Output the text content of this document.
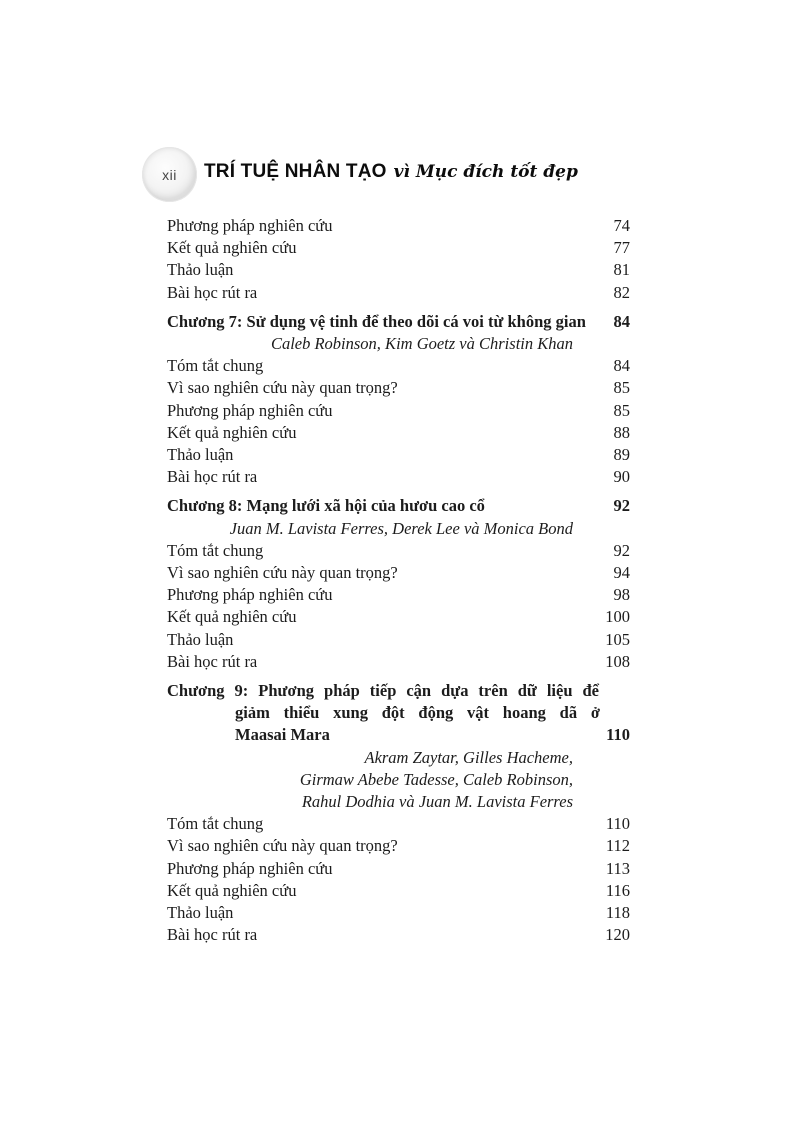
xii TRÍ TUỆ NHÂN TẠO vì Mục đích tốt đẹp
Phương pháp nghiên cứu	74
Kết quả nghiên cứu	77
Thảo luận	81
Bài học rút ra	82
Chương 7: Sử dụng vệ tinh để theo dõi cá voi từ không gian 84
Caleb Robinson, Kim Goetz và Christin Khan
Tóm tắt chung	84
Vì sao nghiên cứu này quan trọng?	85
Phương pháp nghiên cứu	85
Kết quả nghiên cứu	88
Thảo luận	89
Bài học rút ra	90
Chương 8: Mạng lưới xã hội của hươu cao cổ	92
Juan M. Lavista Ferres, Derek Lee và Monica Bond
Tóm tắt chung	92
Vì sao nghiên cứu này quan trọng?	94
Phương pháp nghiên cứu	98
Kết quả nghiên cứu	100
Thảo luận	105
Bài học rút ra	108
Chương 9: Phương pháp tiếp cận dựa trên dữ liệu để
giảm thiểu xung đột động vật hoang dã ở
Maasai Mara	110
Akram Zaytar, Gilles Hacheme,
Girmaw Abebe Tadesse, Caleb Robinson,
Rahul Dodhia và Juan M. Lavista Ferres
Tóm tắt chung	110
Vì sao nghiên cứu này quan trọng?	112
Phương pháp nghiên cứu	113
Kết quả nghiên cứu	116
Thảo luận	118
Bài học rút ra	120
